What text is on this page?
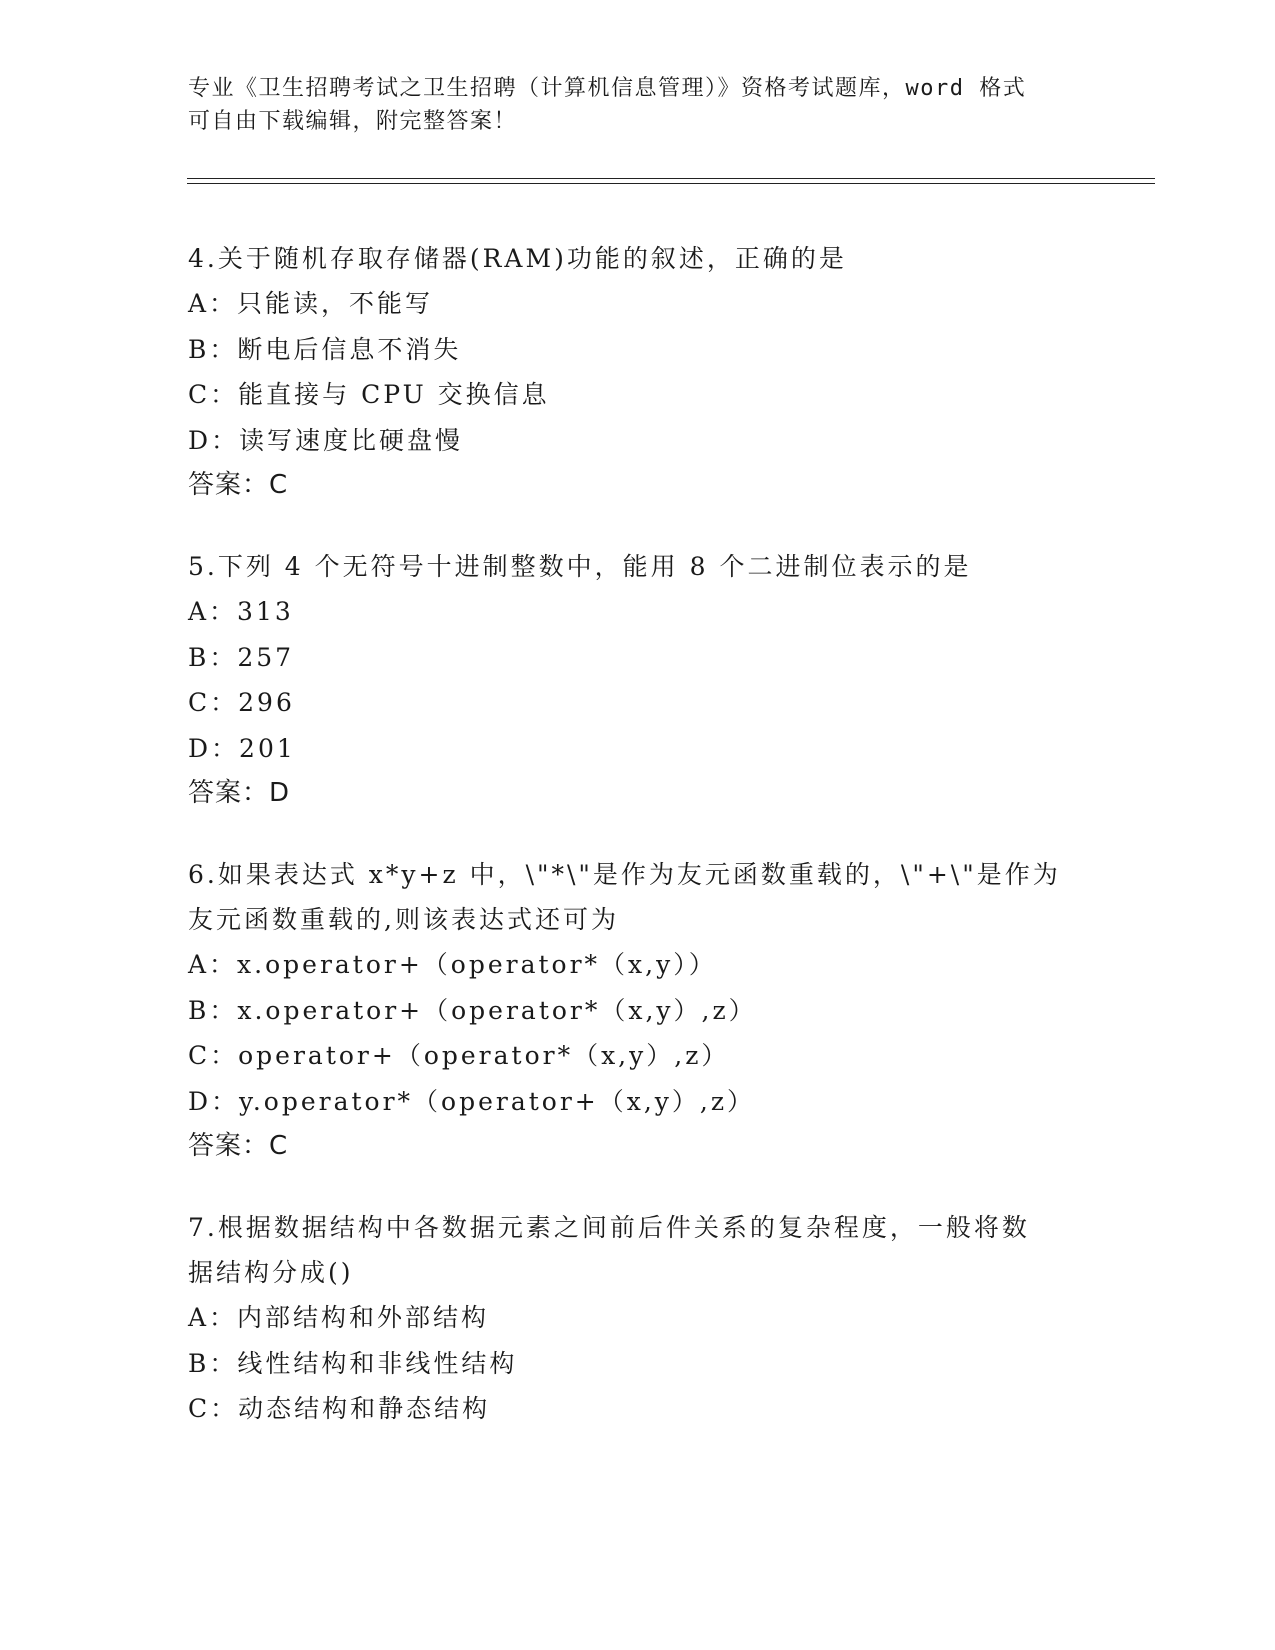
专业《卫生招聘考试之卫生招聘（计算机信息管理）》资格考试题库，word 格式
可自由下载编辑，附完整答案！
4.关于随机存取存储器(RAM)功能的叙述，正确的是
A：只能读，不能写
B：断电后信息不消失
C：能直接与 CPU 交换信息
D：读写速度比硬盘慢
答案：C
5.下列 4 个无符号十进制整数中，能用 8 个二进制位表示的是
A：313
B：257
C：296
D：201
答案：D
6.如果表达式 x*y+z 中，\"*\"是作为友元函数重载的，\"+\"是作为
友元函数重载的,则该表达式还可为
A：x.operator+（operator*（x,y））
B：x.operator+（operator*（x,y）,z）
C：operator+（operator*（x,y）,z）
D：y.operator*（operator+（x,y）,z）
答案：C
7.根据数据结构中各数据元素之间前后件关系的复杂程度，一般将数
据结构分成()
A：内部结构和外部结构
B：线性结构和非线性结构
C：动态结构和静态结构
